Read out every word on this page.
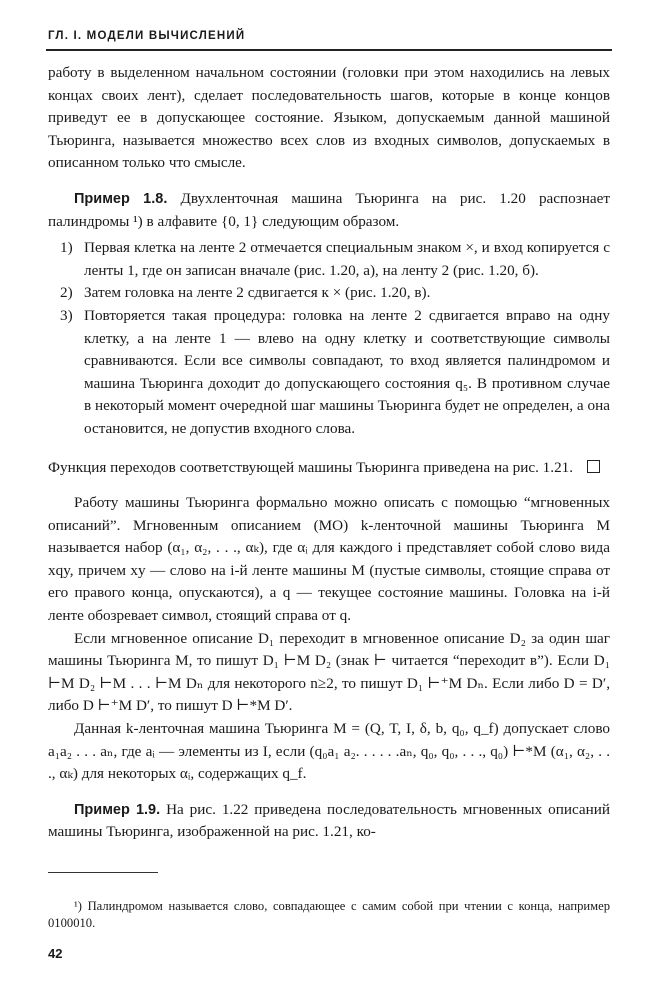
ГЛ. I. МОДЕЛИ ВЫЧИСЛЕНИЙ

работу в выделенном начальном состоянии (головки при этом находились на левых концах своих лент), сделает последовательность шагов, которые в конце концов приведут ее в допускающее состояние. Языком, допускаемым данной машиной Тьюринга, называется множество всех слов из входных символов, допускаемых в описанном только что смысле.

Пример 1.8. Двухленточная машина Тьюринга на рис. 1.20 распознает палиндромы ¹) в алфавите {0, 1} следующим образом.

1) Первая клетка на ленте 2 отмечается специальным знаком ×, и вход копируется с ленты 1, где он записан вначале (рис. 1.20, а), на ленту 2 (рис. 1.20, б).
2) Затем головка на ленте 2 сдвигается к × (рис. 1.20, в).
3) Повторяется такая процедура: головка на ленте 2 сдвигается вправо на одну клетку, а на ленте 1 — влево на одну клетку и соответствующие символы сравниваются. Если все символы совпадают, то вход является палиндромом и машина Тьюринга доходит до допускающего состояния q₅. В противном случае в некоторый момент очередной шаг машины Тьюринга будет не определен, а она остановится, не допустив входного слова.

Функция переходов соответствующей машины Тьюринга приведена на рис. 1.21.

Работу машины Тьюринга формально можно описать с помощью “мгновенных описаний”. Мгновенным описанием (МО) k-ленточной машины Тьюринга M называется набор (α₁, α₂, . . ., αₖ), где αᵢ для каждого i представляет собой слово вида xqy, причем xy — слово на i-й ленте машины M (пустые символы, стоящие справа от его правого конца, опускаются), а q — текущее состояние машины. Головка на i-й ленте обозревает символ, стоящий справа от q.

Если мгновенное описание D₁ переходит в мгновенное описание D₂ за один шаг машины Тьюринга M, то пишут D₁ ⊢M D₂ (знак ⊢ читается “переходит в”). Если D₁ ⊢M D₂ ⊢M . . . ⊢M Dₙ для некоторого n≥2, то пишут D₁ ⊢⁺M Dₙ. Если либо D = D′, либо D ⊢⁺M D′, то пишут D ⊢*M D′.

Данная k-ленточная машина Тьюринга M = (Q, T, I, δ, b, q₀, q_f) допускает слово a₁a₂ . . . aₙ, где aᵢ — элементы из I, если (q₀a₁ a₂. . . . . .aₙ, q₀, q₀, . . ., q₀) ⊢*M (α₁, α₂, . . ., αₖ) для некоторых αᵢ, содержащих q_f.

Пример 1.9. На рис. 1.22 приведена последовательность мгновенных описаний машины Тьюринга, изображенной на рис. 1.21, ко-

¹) Палиндромом называется слово, совпадающее с самим собой при чтении с конца, например 0100010.
42
